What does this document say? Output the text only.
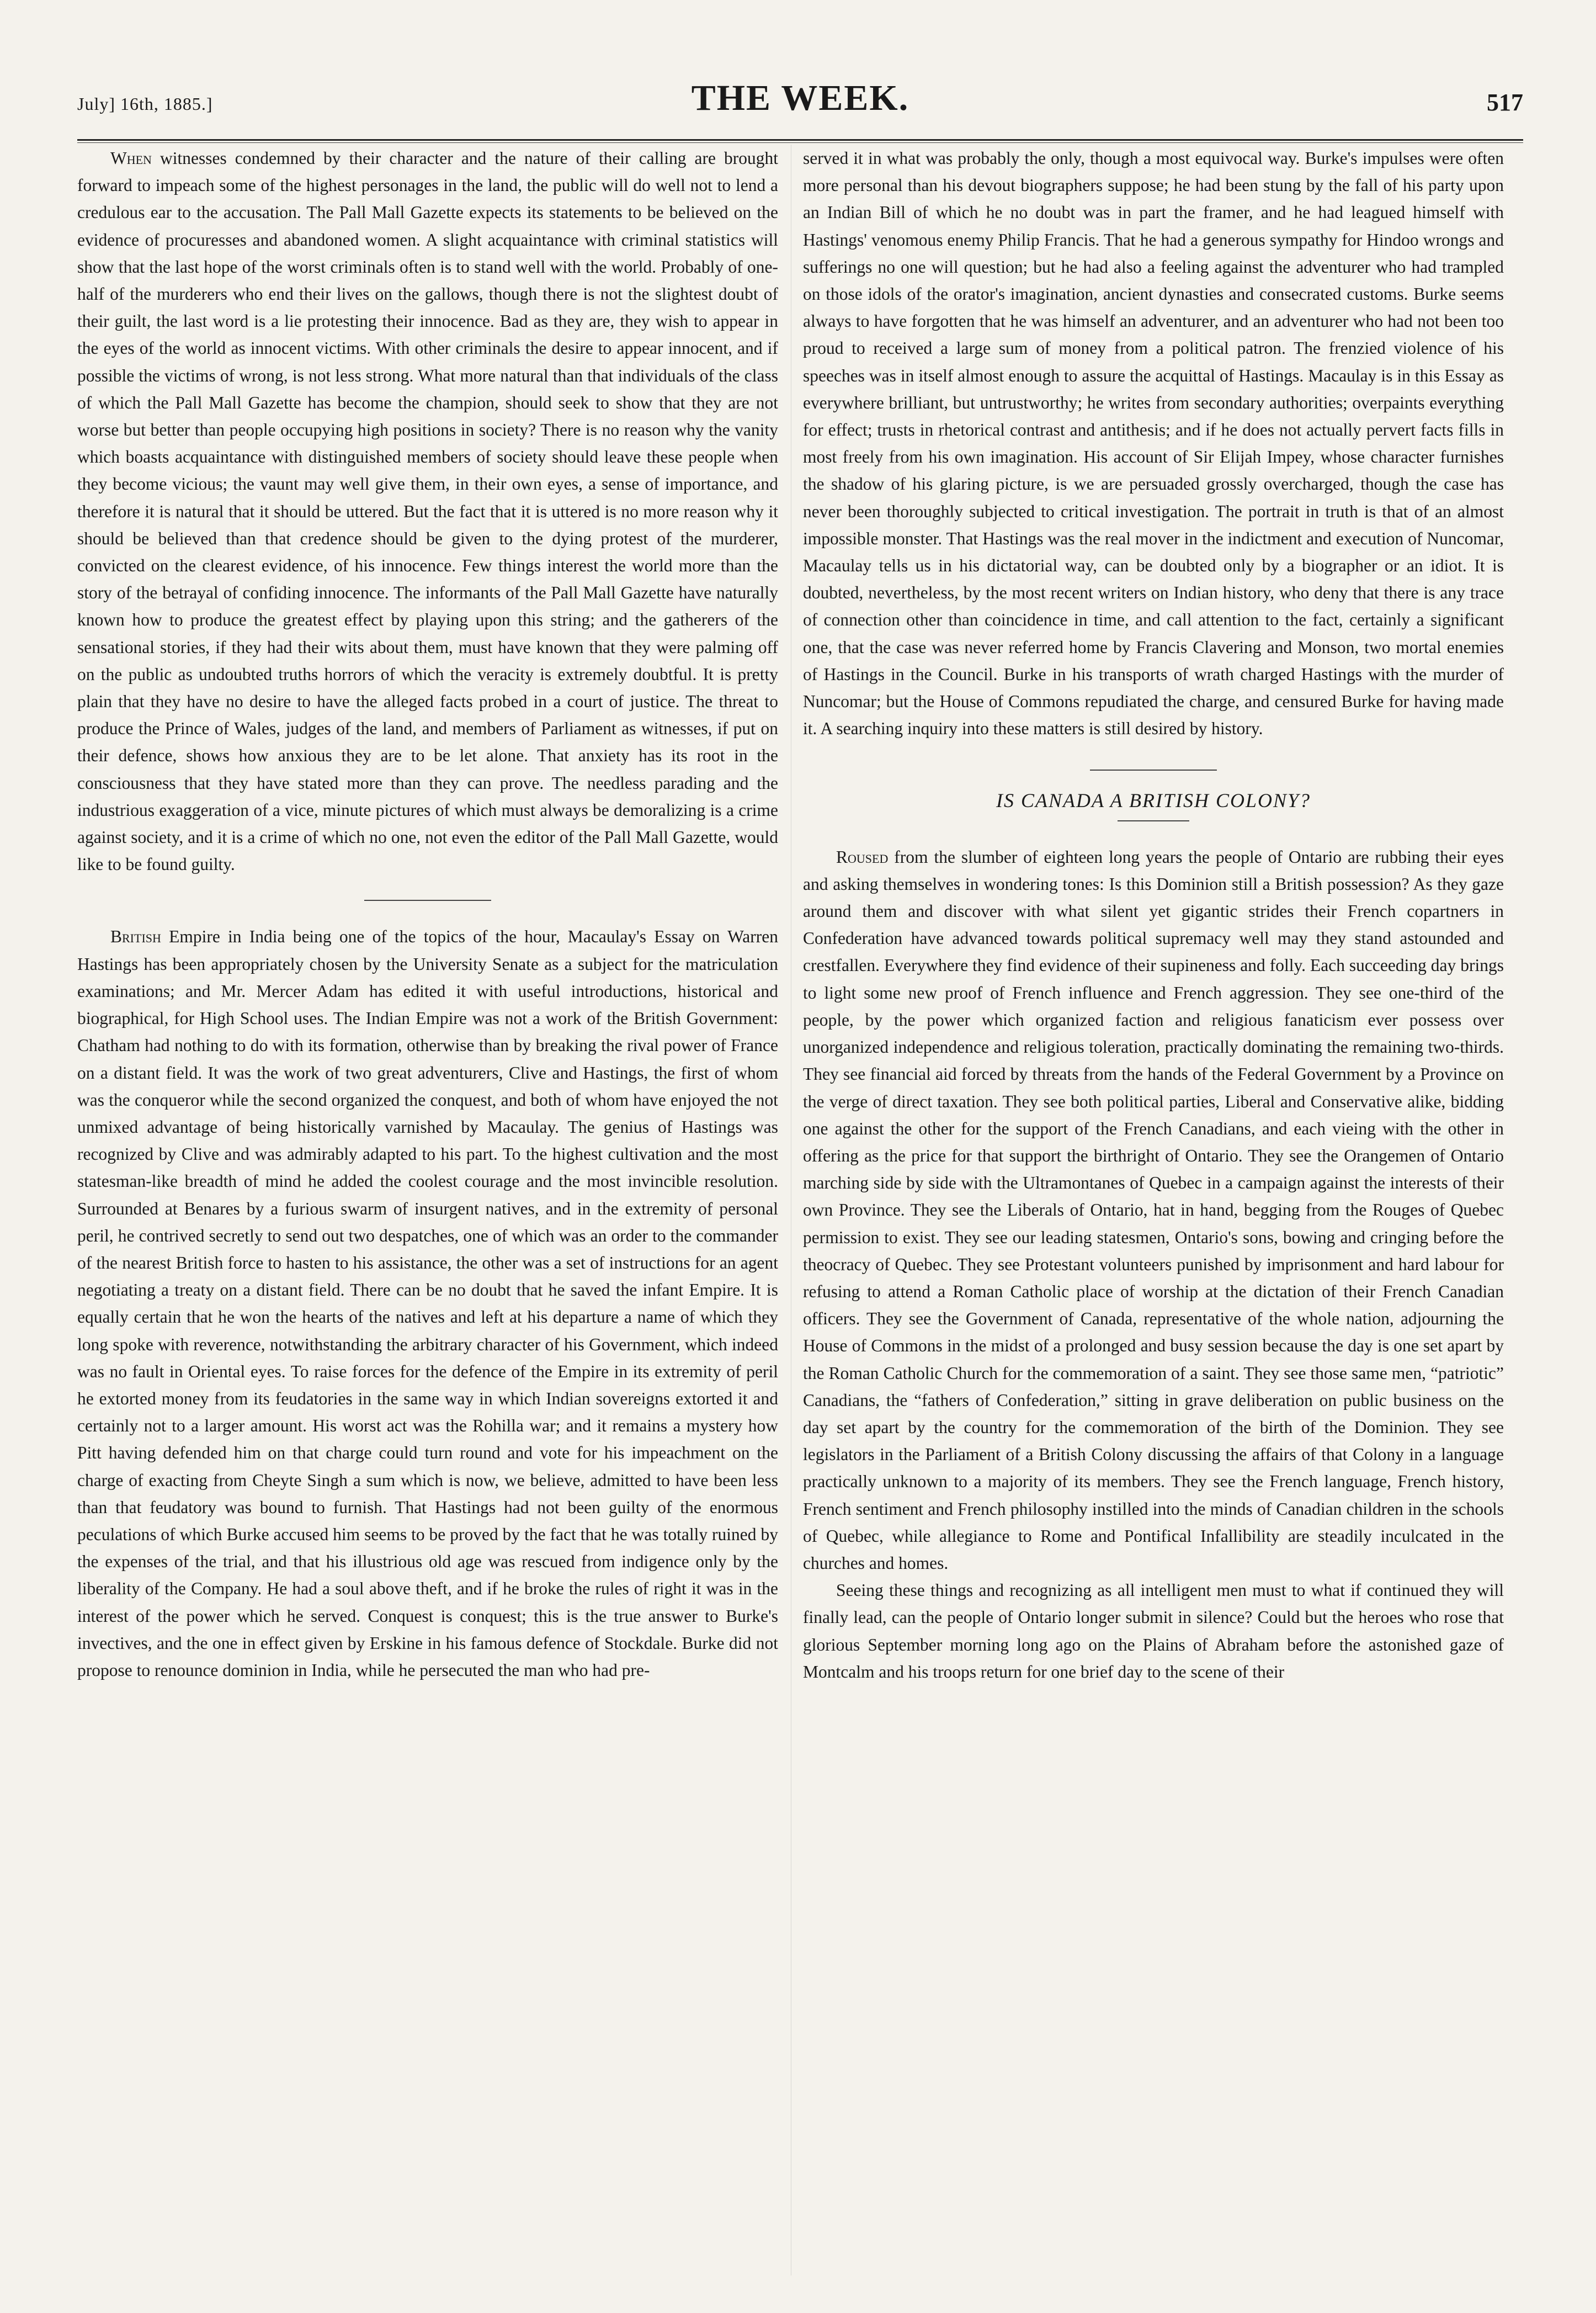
July] 16th, 1885.]	THE WEEK.	517

When witnesses condemned by their character and the nature of their calling are brought forward to impeach some of the highest personages in the land, the public will do well not to lend a credulous ear to the accusation. The Pall Mall Gazette expects its statements to be believed on the evidence of procuresses and abandoned women. A slight acquaintance with criminal statistics will show that the last hope of the worst criminals often is to stand well with the world. Probably of one-half of the murderers who end their lives on the gallows, though there is not the slightest doubt of their guilt, the last word is a lie protesting their innocence. Bad as they are, they wish to appear in the eyes of the world as innocent victims. With other criminals the desire to appear innocent, and if possible the victims of wrong, is not less strong. What more natural than that individuals of the class of which the Pall Mall Gazette has become the champion, should seek to show that they are not worse but better than people occupying high positions in society? There is no reason why the vanity which boasts acquaintance with distinguished members of society should leave these people when they become vicious; the vaunt may well give them, in their own eyes, a sense of importance, and therefore it is natural that it should be uttered. But the fact that it is uttered is no more reason why it should be believed than that credence should be given to the dying protest of the murderer, convicted on the clearest evidence, of his innocence. Few things interest the world more than the story of the betrayal of confiding innocence. The informants of the Pall Mall Gazette have naturally known how to produce the greatest effect by playing upon this string; and the gatherers of the sensational stories, if they had their wits about them, must have known that they were palming off on the public as undoubted truths horrors of which the veracity is extremely doubtful. It is pretty plain that they have no desire to have the alleged facts probed in a court of justice. The threat to produce the Prince of Wales, judges of the land, and members of Parliament as witnesses, if put on their defence, shows how anxious they are to be let alone. That anxiety has its root in the consciousness that they have stated more than they can prove. The needless parading and the industrious exaggeration of a vice, minute pictures of which must always be demoralizing is a crime against society, and it is a crime of which no one, not even the editor of the Pall Mall Gazette, would like to be found guilty.

British Empire in India being one of the topics of the hour, Macaulay's Essay on Warren Hastings has been appropriately chosen by the University Senate as a subject for the matriculation examinations; and Mr. Mercer Adam has edited it with useful introductions, historical and biographical, for High School uses. The Indian Empire was not a work of the British Government: Chatham had nothing to do with its formation, otherwise than by breaking the rival power of France on a distant field. It was the work of two great adventurers, Clive and Hastings, the first of whom was the conqueror while the second organized the conquest, and both of whom have enjoyed the not unmixed advantage of being historically varnished by Macaulay. The genius of Hastings was recognized by Clive and was admirably adapted to his part. To the highest cultivation and the most statesman-like breadth of mind he added the coolest courage and the most invincible resolution. Surrounded at Benares by a furious swarm of insurgent natives, and in the extremity of personal peril, he contrived secretly to send out two despatches, one of which was an order to the commander of the nearest British force to hasten to his assistance, the other was a set of instructions for an agent negotiating a treaty on a distant field. There can be no doubt that he saved the infant Empire. It is equally certain that he won the hearts of the natives and left at his departure a name of which they long spoke with reverence, notwithstanding the arbitrary character of his Government, which indeed was no fault in Oriental eyes. To raise forces for the defence of the Empire in its extremity of peril he extorted money from its feudatories in the same way in which Indian sovereigns extorted it and certainly not to a larger amount. His worst act was the Rohilla war; and it remains a mystery how Pitt having defended him on that charge could turn round and vote for his impeachment on the charge of exacting from Cheyte Singh a sum which is now, we believe, admitted to have been less than that feudatory was bound to furnish. That Hastings had not been guilty of the enormous peculations of which Burke accused him seems to be proved by the fact that he was totally ruined by the expenses of the trial, and that his illustrious old age was rescued from indigence only by the liberality of the Company. He had a soul above theft, and if he broke the rules of right it was in the interest of the power which he served. Conquest is conquest; this is the true answer to Burke's invectives, and the one in effect given by Erskine in his famous defence of Stockdale. Burke did not propose to renounce dominion in India, while he persecuted the man who had pre-

served it in what was probably the only, though a most equivocal way. Burke's impulses were often more personal than his devout biographers suppose; he had been stung by the fall of his party upon an Indian Bill of which he no doubt was in part the framer, and he had leagued himself with Hastings' venomous enemy Philip Francis. That he had a generous sympathy for Hindoo wrongs and sufferings no one will question; but he had also a feeling against the adventurer who had trampled on those idols of the orator's imagination, ancient dynasties and consecrated customs. Burke seems always to have forgotten that he was himself an adventurer, and an adventurer who had not been too proud to received a large sum of money from a political patron. The frenzied violence of his speeches was in itself almost enough to assure the acquittal of Hastings. Macaulay is in this Essay as everywhere brilliant, but untrustworthy; he writes from secondary authorities; overpaints everything for effect; trusts in rhetorical contrast and antithesis; and if he does not actually pervert facts fills in most freely from his own imagination. His account of Sir Elijah Impey, whose character furnishes the shadow of his glaring picture, is we are persuaded grossly overcharged, though the case has never been thoroughly subjected to critical investigation. The portrait in truth is that of an almost impossible monster. That Hastings was the real mover in the indictment and execution of Nuncomar, Macaulay tells us in his dictatorial way, can be doubted only by a biographer or an idiot. It is doubted, nevertheless, by the most recent writers on Indian history, who deny that there is any trace of connection other than coincidence in time, and call attention to the fact, certainly a significant one, that the case was never referred home by Francis Clavering and Monson, two mortal enemies of Hastings in the Council. Burke in his transports of wrath charged Hastings with the murder of Nuncomar; but the House of Commons repudiated the charge, and censured Burke for having made it. A searching inquiry into these matters is still desired by history.

IS CANADA A BRITISH COLONY?

Roused from the slumber of eighteen long years the people of Ontario are rubbing their eyes and asking themselves in wondering tones: Is this Dominion still a British possession? As they gaze around them and discover with what silent yet gigantic strides their French copartners in Confederation have advanced towards political supremacy well may they stand astounded and crestfallen. Everywhere they find evidence of their supineness and folly. Each succeeding day brings to light some new proof of French influence and French aggression. They see one-third of the people, by the power which organized faction and religious fanaticism ever possess over unorganized independence and religious toleration, practically dominating the remaining two-thirds. They see financial aid forced by threats from the hands of the Federal Government by a Province on the verge of direct taxation. They see both political parties, Liberal and Conservative alike, bidding one against the other for the support of the French Canadians, and each vieing with the other in offering as the price for that support the birthright of Ontario. They see the Orangemen of Ontario marching side by side with the Ultramontanes of Quebec in a campaign against the interests of their own Province. They see the Liberals of Ontario, hat in hand, begging from the Rouges of Quebec permission to exist. They see our leading statesmen, Ontario's sons, bowing and cringing before the theocracy of Quebec. They see Protestant volunteers punished by imprisonment and hard labour for refusing to attend a Roman Catholic place of worship at the dictation of their French Canadian officers. They see the Government of Canada, representative of the whole nation, adjourning the House of Commons in the midst of a prolonged and busy session because the day is one set apart by the Roman Catholic Church for the commemoration of a saint. They see those same men, “patriotic” Canadians, the “fathers of Confederation,” sitting in grave deliberation on public business on the day set apart by the country for the commemoration of the birth of the Dominion. They see legislators in the Parliament of a British Colony discussing the affairs of that Colony in a language practically unknown to a majority of its members. They see the French language, French history, French sentiment and French philosophy instilled into the minds of Canadian children in the schools of Quebec, while allegiance to Rome and Pontifical Infallibility are steadily inculcated in the churches and homes.

Seeing these things and recognizing as all intelligent men must to what if continued they will finally lead, can the people of Ontario longer submit in silence? Could but the heroes who rose that glorious September morning long ago on the Plains of Abraham before the astonished gaze of Montcalm and his troops return for one brief day to the scene of their
